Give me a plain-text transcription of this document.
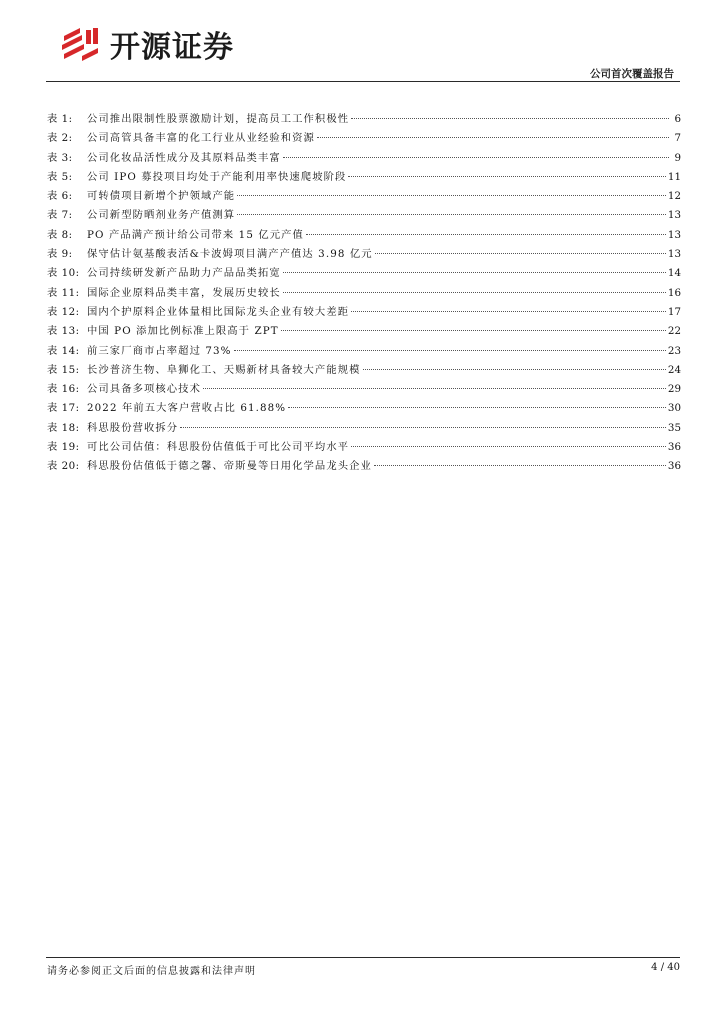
开源证券
公司首次覆盖报告
表 1:	公司推出限制性股票激励计划，提高员工工作积极性	6
表 2:	公司高管具备丰富的化工行业从业经验和资源	7
表 3:	公司化妆品活性成分及其原料品类丰富	9
表 5:	公司 IPO 募投项目均处于产能利用率快速爬坡阶段	11
表 6:	可转债项目新增个护领域产能	12
表 7:	公司新型防晒剂业务产值测算	13
表 8:	PO 产品满产预计给公司带来 15 亿元产值	13
表 9:	保守估计氨基酸表活&卡波姆项目满产产值达 3.98 亿元	13
表 10: 公司持续研发新产品助力产品品类拓宽	14
表 11: 国际企业原料品类丰富，发展历史较长	16
表 12: 国内个护原料企业体量相比国际龙头企业有较大差距	17
表 13: 中国 PO 添加比例标准上限高于 ZPT	22
表 14: 前三家厂商市占率超过 73%	23
表 15: 长沙普济生物、阜狮化工、天赐新材具备较大产能规模	24
表 16: 公司具备多项核心技术	29
表 17: 2022 年前五大客户营收占比 61.88%	30
表 18: 科思股份营收拆分	35
表 19: 可比公司估值：科思股份估值低于可比公司平均水平	36
表 20: 科思股份估值低于德之馨、帝斯曼等日用化学品龙头企业	36
请务必参阅正文后面的信息披露和法律声明	4 / 40
